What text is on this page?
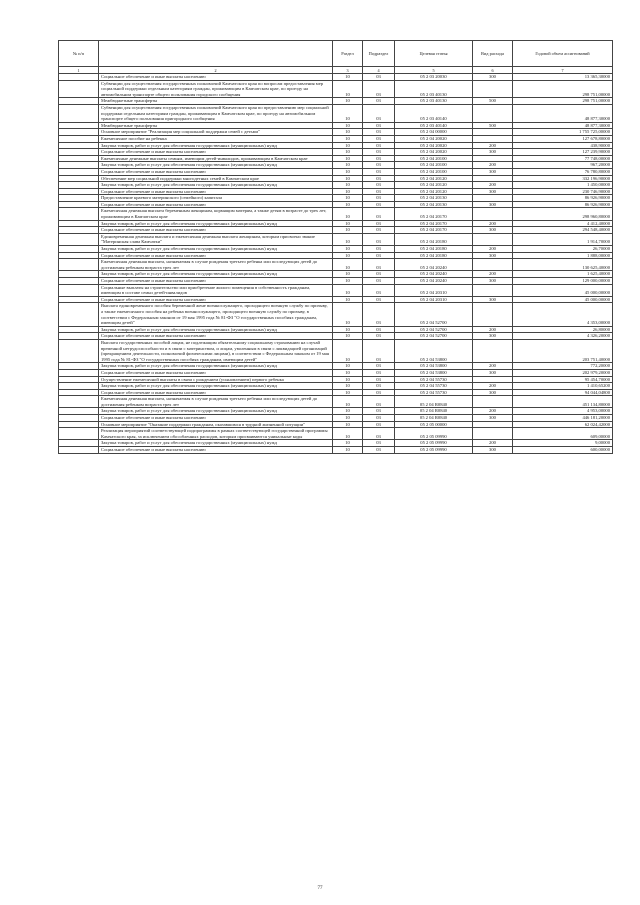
№ п/п		Раздел	Подраздел	Целевая статья	Вид расхода	Годовой объем ассигнований
1	2	3	4	5	6	7
	Социальное обеспечение и иные выплаты населению	10	03	05 2 03 20030	300	13 365,30000
	Субвенции для осуществления государственных полномочий Камчатского края по вопросам предоставления мер социальной поддержки отдельным категориям граждан, проживающим в Камчатском крае, по проезду на автомобильном транспорте общего пользования городского сообщения	10	03	05 2 03 40130		298 751,00000
	Межбюджетные трансферты	10	03	05 2 03 40130	500	298 751,00000
	Субвенции для осуществления государственных полномочий Камчатского края по предоставлению мер социальной поддержки отдельным категориям граждан, проживающим в Камчатском крае, по проезду на автомобильном транспорте общего пользования пригородного сообщения	10	03	05 2 03 40140		48 877,30000
	Межбюджетные трансферты	10	03	05 2 03 40140	500	48 877,30000
	Основное мероприятие "Реализация мер социальной поддержки семей с детьми"	10	03	05 2 04 00000		1 755 725,00000
	Ежемесячное пособие на ребенка	10	03	05 2 04 20020		127 678,80000
	Закупка товаров, работ и услуг для обеспечения государственных (муниципальных) нужд	10	03	05 2 04 20020	200	438,90000
	Социальное обеспечение и иные выплаты населению	10	03	05 2 04 20020	300	127 239,90000
	Ежемесячные денежные выплаты семьям, имеющим детей-инвалидов, проживающим в Камчатском крае	10	03	05 2 04 20100		77 748,00000
	Закупка товаров, работ и услуг для обеспечения государственных (муниципальных) нужд	10	03	05 2 04 20100	200	967,20000
	Социальное обеспечение и иные выплаты населению	10	03	05 2 04 20100	300	76 780,80000
	Обеспечение мер социальной поддержки многодетных семей в Камчатском крае	10	03	05 2 04 20120		332 196,90000
	Закупка товаров, работ и услуг для обеспечения государственных (муниципальных) нужд	10	03	05 2 04 20120	200	1 450,00000
	Социальное обеспечение и иные выплаты населению	10	03	05 2 04 20120	300	230 746,90000
	Предоставление краевого материнского (семейного) капитала	10	03	05 2 04 20130		86 926,90000
	Социальное обеспечение и иные выплаты населению	10	03	05 2 04 20130	300	86 926,90000
	Ежемесячная денежная выплата беременным женщинам, кормящим матерям, а также детям в возрасте до трех лет, проживающим в Камчатском крае	10	03	05 2 04 20170		298 960,80000
	Закупка товаров, работ и услуг для обеспечения государственных (муниципальных) нужд	10	03	05 2 04 20170	200	4 412,40000
	Социальное обеспечение и иные выплаты населению	10	03	05 2 04 20170	300	294 548,40000
	Единовременная денежная выплата и ежемесячная денежная выплата женщинам, которым присвоено звание "Материнская слава Камчатки"	10	03	05 2 04 20180		1 914,70000
	Закупка товаров, работ и услуг для обеспечения государственных (муниципальных) нужд	10	03	05 2 04 20180	200	26,70000
	Социальное обеспечение и иные выплаты населению	10	03	05 2 04 20180	300	1 888,00000
	Ежемесячная денежная выплата, назначаемая в случае рождения третьего ребенка или последующих детей до достижения ребенком возраста трех лет	10	03	05 2 04 20240		130 625,40000
	Закупка товаров, работ и услуг для обеспечения государственных (муниципальных) нужд	10	03	05 2 04 20240	200	1 625,40000
	Социальное обеспечение и иные выплаты населению	10	03	05 2 04 20240	300	129 000,00000
	Социальные выплаты на строительство или приобретение жилого помещения в собственность гражданам, имеющим в составе семьи детей-инвалидов	10	03	05 2 04 20310		45 000,00000
	Социальное обеспечение и иные выплаты населению	10	03	05 2 04 20310	300	45 000,00000
	Выплата единовременного пособия беременной жене военнослужащего, проходящего военную службу по призыву, а также ежемесячного пособия на ребенка военнослужащего, проходящего военную службу по призыву, в соответствии с Федеральным законом от 19 мая 1995 года № 81-ФЗ "О государственных пособиях гражданам, имеющим детей"	10	03	05 2 04 52700		4 353,00000
	Закупка товаров, работ и услуг для обеспечения государственных (муниципальных) нужд	10	03	05 2 04 52700	200	26,80000
	Социальное обеспечение и иные выплаты населению	10	03	05 2 04 52700	300	4 326,20000
	Выплата государственных пособий лицам, не подлежащим обязательному социальному страхованию на случай временной нетрудоспособности и в связи с материнством, и лицам, уволенным в связи с ликвидацией организаций (прекращением деятельности, полномочий физическими лицами), в соответствии с Федеральным законом от 19 мая 1995 года № 81-ФЗ "О государственных пособиях гражданам, имеющим детей"	10	03	05 2 04 53800		203 751,40000
	Закупка товаров, работ и услуг для обеспечения государственных (муниципальных) нужд	10	03	05 2 04 53800	200	772,20000
	Социальное обеспечение и иные выплаты населению	10	03	05 2 04 53800	300	202 979,20000
	Осуществление ежемесячной выплаты в связи с рождением (усыновлением) первого ребенка	10	03	05 2 04 55730		95 454,70000
	Закупка товаров, работ и услуг для обеспечения государственных (муниципальных) нужд	10	03	05 2 04 55730	200	1 410,65200
	Социальное обеспечение и иные выплаты населению	10	03	05 2 04 55730	300	94 044,04800
	Ежемесячная денежная выплата, назначаемая в случае рождения третьего ребенка или последующих детей до достижения ребенком возраста трех лет	10	03	05 2 04 R0840		451 134,80000
	Закупка товаров, работ и услуг для обеспечения государственных (муниципальных) нужд	10	03	05 2 04 R0840	200	4 953,00000
	Социальное обеспечение и иные выплаты населению	10	03	05 2 04 R0840	300	446 181,20000
	Основное мероприятие "Оказание поддержки гражданам, оказавшимся в трудной жизненной ситуации"	10	03	05 2 05 00000		62 024,42000
	Реализация мероприятий соответствующей подпрограммы в рамках соответствующей государственной программы Камчатского края, за исключением обособленных расходов, которым присваиваются уникальные коды	10	03	05 2 05 09990		609,00000
	Закупка товаров, работ и услуг для обеспечения государственных (муниципальных) нужд	10	03	05 2 05 09990	200	9,00000
	Социальное обеспечение и иные выплаты населению	10	03	05 2 05 09990	300	600,00000
77
